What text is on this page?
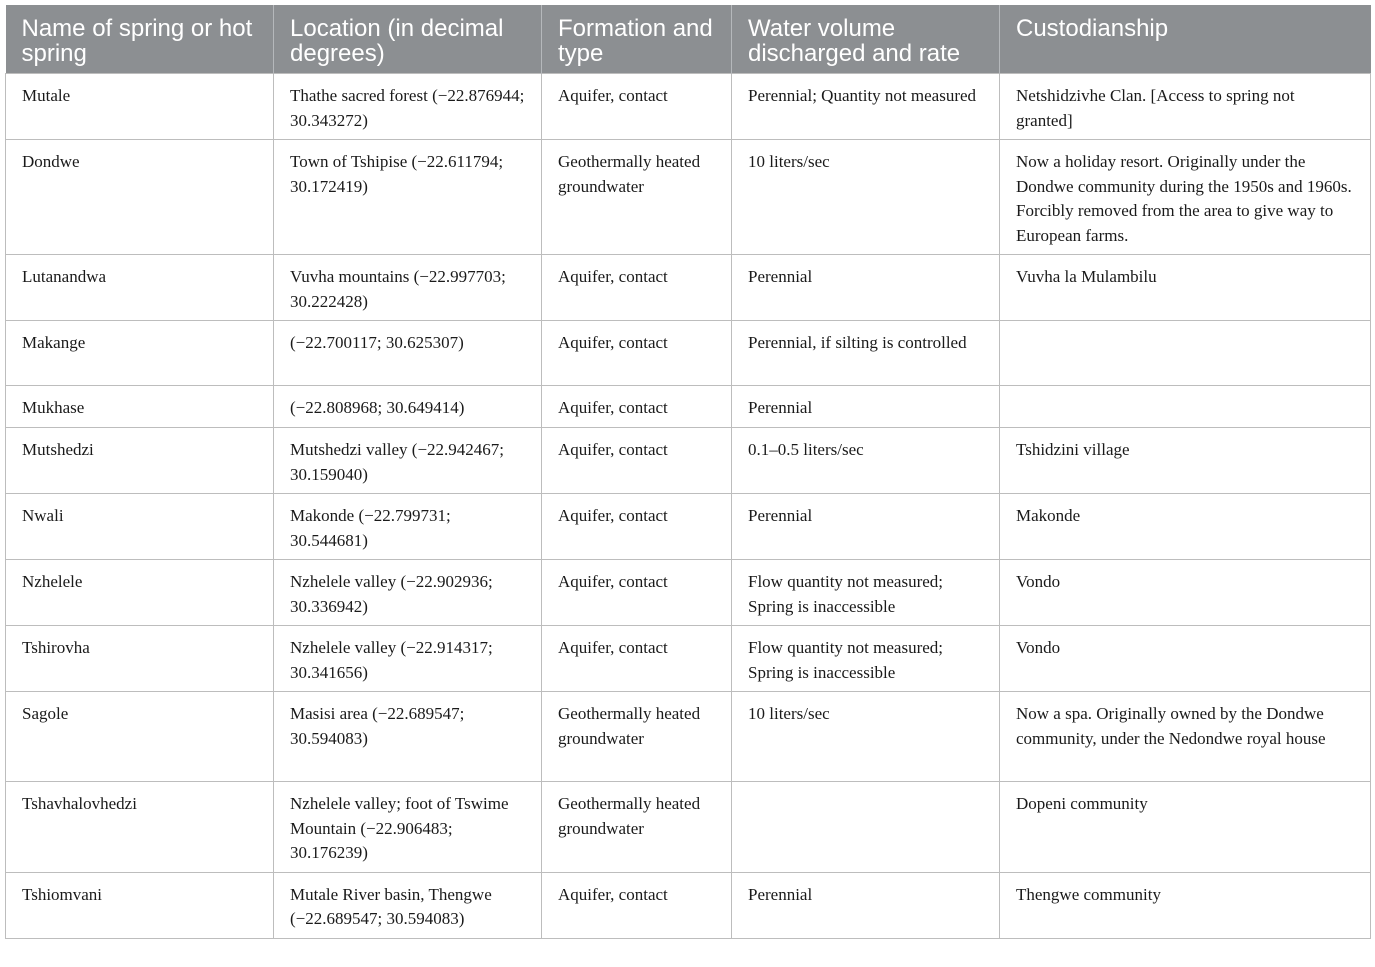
Name of spring or hot spring	Location (in decimal degrees)	Formation and type	Water volume discharged and rate	Custodianship
Mutale	Thathe sacred forest (−22.876944; 30.343272)	Aquifer, contact	Perennial; Quantity not measured	Netshidzivhe Clan. [Access to spring not granted]
Dondwe	Town of Tshipise (−22.611794; 30.172419)	Geothermally heated groundwater	10 liters/sec	Now a holiday resort. Originally under the Dondwe community during the 1950s and 1960s. Forcibly removed from the area to give way to European farms.
Lutanandwa	Vuvha mountains (−22.997703; 30.222428)	Aquifer, contact	Perennial	Vuvha la Mulambilu
Makange	(−22.700117; 30.625307)	Aquifer, contact	Perennial, if silting is controlled	
Mukhase	(−22.808968; 30.649414)	Aquifer, contact	Perennial	
Mutshedzi	Mutshedzi valley (−22.942467; 30.159040)	Aquifer, contact	0.1–0.5 liters/sec	Tshidzini village
Nwali	Makonde (−22.799731; 30.544681)	Aquifer, contact	Perennial	Makonde
Nzhelele	Nzhelele valley (−22.902936; 30.336942)	Aquifer, contact	Flow quantity not measured; Spring is inaccessible	Vondo
Tshirovha	Nzhelele valley (−22.914317; 30.341656)	Aquifer, contact	Flow quantity not measured; Spring is inaccessible	Vondo
Sagole	Masisi area (−22.689547; 30.594083)	Geothermally heated groundwater	10 liters/sec	Now a spa. Originally owned by the Dondwe community, under the Nedondwe royal house
Tshavhalovhedzi	Nzhelele valley; foot of Tswime Mountain (−22.906483; 30.176239)	Geothermally heated groundwater		Dopeni community
Tshiomvani	Mutale River basin, Thengwe (−22.689547; 30.594083)	Aquifer, contact	Perennial	Thengwe community
